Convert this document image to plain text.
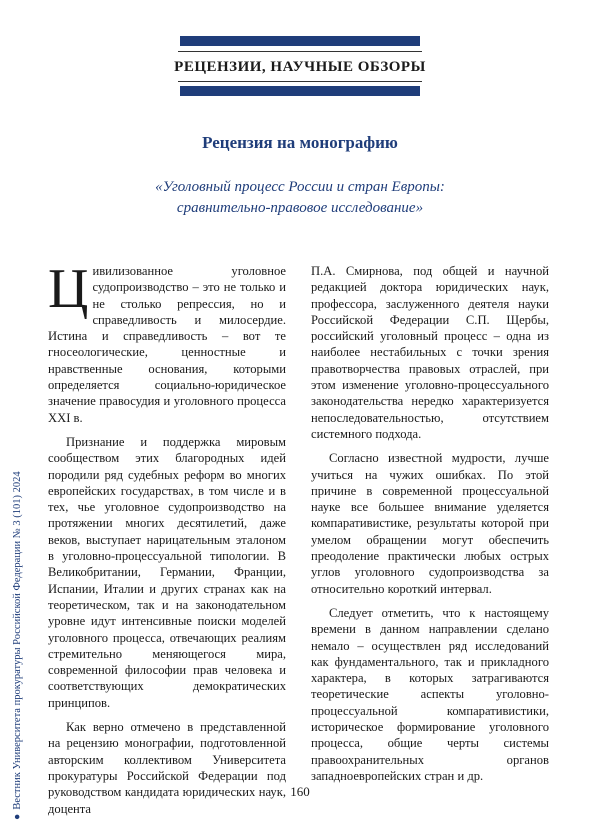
РЕЦЕНЗИИ, НАУЧНЫЕ ОБЗОРЫ
Рецензия на монографию
«Уголовный процесс России и стран Европы:
сравнительно-правовое исследование»

Цивилизованное уголовное судопроизводство – это не только и не столько репрессия, но и справедливость и милосердие. Истина и справедливость – вот те гносеологические, ценностные и нравственные основания, которыми определяется социально-юридическое значение правосудия и уголовного процесса XXI в.

Признание и поддержка мировым сообществом этих благородных идей породили ряд судебных реформ во многих европейских государствах, в том числе и в тех, чье уголовное судопроизводство на протяжении многих десятилетий, даже веков, выступает нарицательным эталоном в уголовно-процессуальной типологии. В Великобритании, Германии, Франции, Испании, Италии и других странах как на теоретическом, так и на законодательном уровне идут интенсивные поиски моделей уголовного процесса, отвечающих реалиям стремительно меняющегося мира, современной философии прав человека и соответствующих демократических принципов.

Как верно отмечено в представленной на рецензию монографии, подготовленной авторским коллективом Университета прокуратуры Российской Федерации под руководством кандидата юридических наук, доцента

П.А. Смирнова, под общей и научной редакцией доктора юридических наук, профессора, заслуженного деятеля науки Российской Федерации С.П. Щербы, российский уголовный процесс – одна из наиболее нестабильных с точки зрения правотворчества правовых отраслей, при этом изменение уголовно-процессуального законодательства нередко характеризуется непоследовательностью, отсутствием системного подхода.

Согласно известной мудрости, лучше учиться на чужих ошибках. По этой причине в современной процессуальной науке все большее внимание уделяется компаративистике, результаты которой при умелом обращении могут обеспечить преодоление практически любых острых углов уголовного судопроизводства за относительно короткий интервал.

Следует отметить, что к настоящему времени в данном направлении сделано немало – осуществлен ряд исследований как фундаментального, так и прикладного характера, в которых затрагиваются теоретические аспекты уголовно-процессуальной компаративистики, историческое формирование уголовного процесса, общие черты системы правоохранительных органов западноевропейских стран и др.

●Вестник Университета прокуратуры Российской Федерации № 3 (101) 2024	160
